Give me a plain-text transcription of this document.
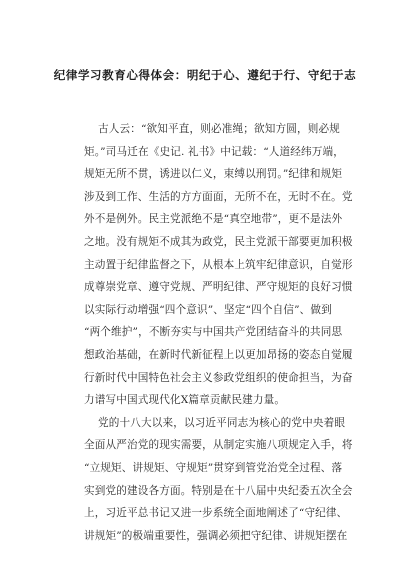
纪律学习教育心得体会：明纪于心、遵纪于行、守纪于志

古人云：“欲知平直，则必准绳；欲知方圆，则必规
矩。”司马迁在《史记. 礼书》中记载：“人道经纬万端，
规矩无所不贯，诱进以仁义，束缚以刑罚。”纪律和规矩
涉及到工作、生活的方方面面，无所不在，无时不在。党
外不是例外。民主党派绝不是“真空地带”，更不是法外
之地。没有规矩不成其为政党，民主党派干部要更加积极
主动置于纪律监督之下，从根本上筑牢纪律意识，自觉形
成尊崇党章、遵守党规、严明纪律、严守规矩的良好习惯
以实际行动增强“四个意识”、坚定“四个自信”、做到
“两个维护”，不断夯实与中国共产党团结奋斗的共同思
想政治基础，在新时代新征程上以更加昂扬的姿态自觉履
行新时代中国特色社会主义参政党组织的使命担当，为奋
力谱写中国式现代化X篇章贡献民建力量。

党的十八大以来，以习近平同志为核心的党中央着眼
全面从严治党的现实需要，从制定实施八项规定入手，将
“立规矩、讲规矩、守规矩”贯穿到管党治党全过程、落
实到党的建设各方面。特别是在十八届中央纪委五次全会
上，习近平总书记又进一步系统全面地阐述了“守纪律、
讲规矩”的极端重要性，强调必须把守纪律、讲规矩摆在
